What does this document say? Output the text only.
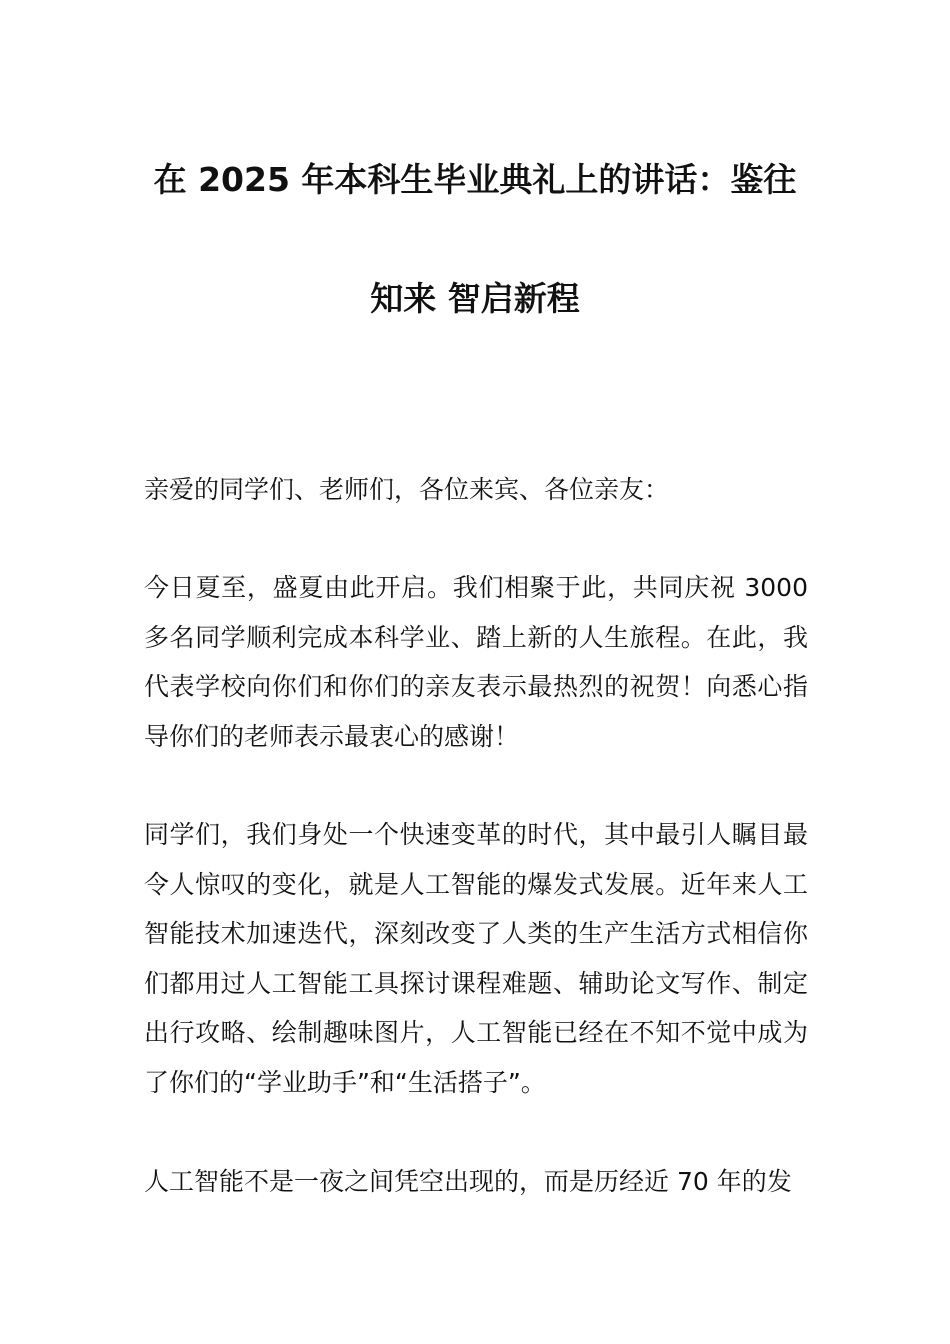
在 2025 年本科生毕业典礼上的讲话：鉴往
知来 智启新程
亲爱的同学们、老师们，各位来宾、各位亲友：

今日夏至，盛夏由此开启。我们相聚于此，共同庆祝 3000 多名同学顺利完成本科学业、踏上新的人生旅程。在此，我代表学校向你们和你们的亲友表示最热烈的祝贺！向悉心指导你们的老师表示最衷心的感谢！

同学们，我们身处一个快速变革的时代，其中最引人瞩目最令人惊叹的变化，就是人工智能的爆发式发展。近年来人工智能技术加速迭代，深刻改变了人类的生产生活方式相信你们都用过人工智能工具探讨课程难题、辅助论文写作、制定出行攻略、绘制趣味图片，人工智能已经在不知不觉中成为了你们的“学业助手”和“生活搭子”。

人工智能不是一夜之间凭空出现的，而是历经近 70 年的发
